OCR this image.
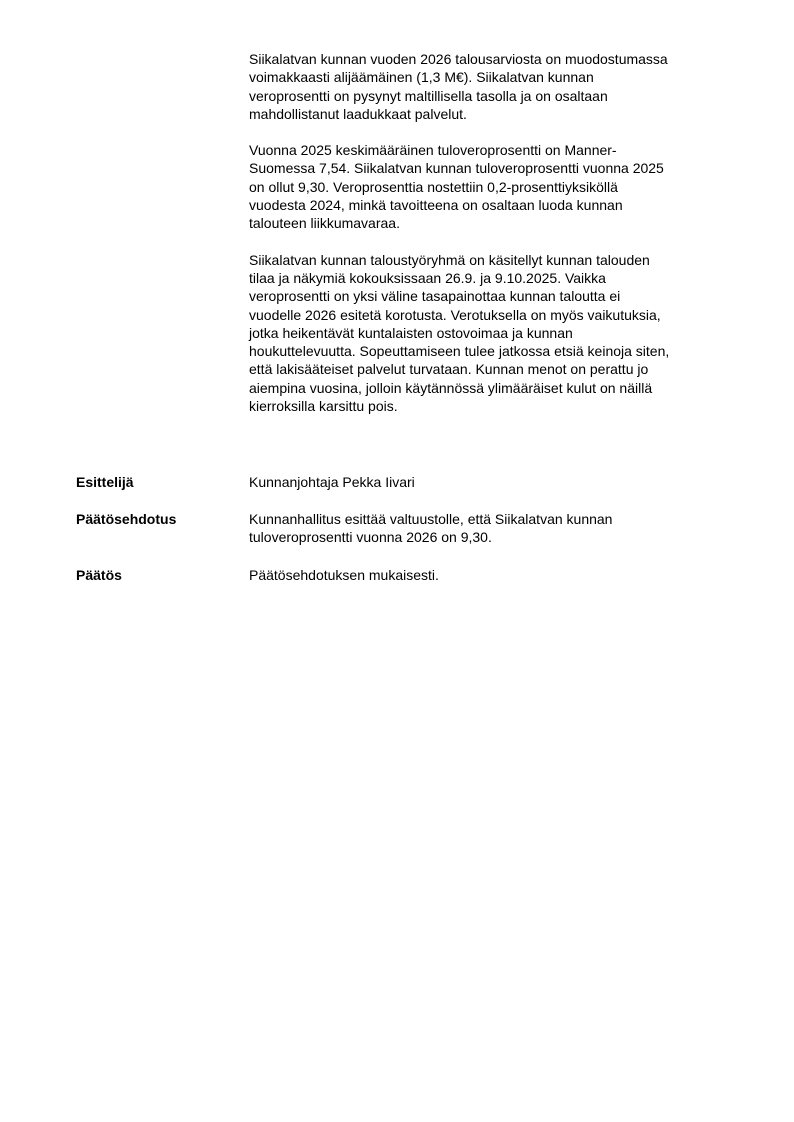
Siikalatvan kunnan vuoden 2026 talousarviosta on muodostumassa
voimakkaasti alijäämäinen (1,3 M€). Siikalatvan kunnan
veroprosentti on pysynyt maltillisella tasolla ja on osaltaan
mahdollistanut laadukkaat palvelut.
Vuonna 2025 keskimääräinen tuloveroprosentti on Manner-
Suomessa 7,54. Siikalatvan kunnan tuloveroprosentti vuonna 2025
on ollut 9,30. Veroprosenttia nostettiin 0,2-prosenttiyksiköllä
vuodesta 2024, minkä tavoitteena on osaltaan luoda kunnan
talouteen liikkumavaraa.
Siikalatvan kunnan taloustyöryhmä on käsitellyt kunnan talouden
tilaa ja näkymiä kokouksissaan 26.9. ja 9.10.2025. Vaikka
veroprosentti on yksi väline tasapainottaa kunnan taloutta ei
vuodelle 2026 esitetä korotusta. Verotuksella on myös vaikutuksia,
jotka heikentävät kuntalaisten ostovoimaa ja kunnan
houkuttelevuutta. Sopeuttamiseen tulee jatkossa etsiä keinoja siten,
että lakisääteiset palvelut turvataan. Kunnan menot on perattu jo
aiempina vuosina, jolloin käytännössä ylimääräiset kulut on näillä
kierroksilla karsittu pois.
Esittelijä	Kunnanjohtaja Pekka Iivari
Päätösehdotus	Kunnanhallitus esittää valtuustolle, että Siikalatvan kunnan
tuloveroprosentti vuonna 2026 on 9,30.
Päätös	Päätösehdotuksen mukaisesti.
